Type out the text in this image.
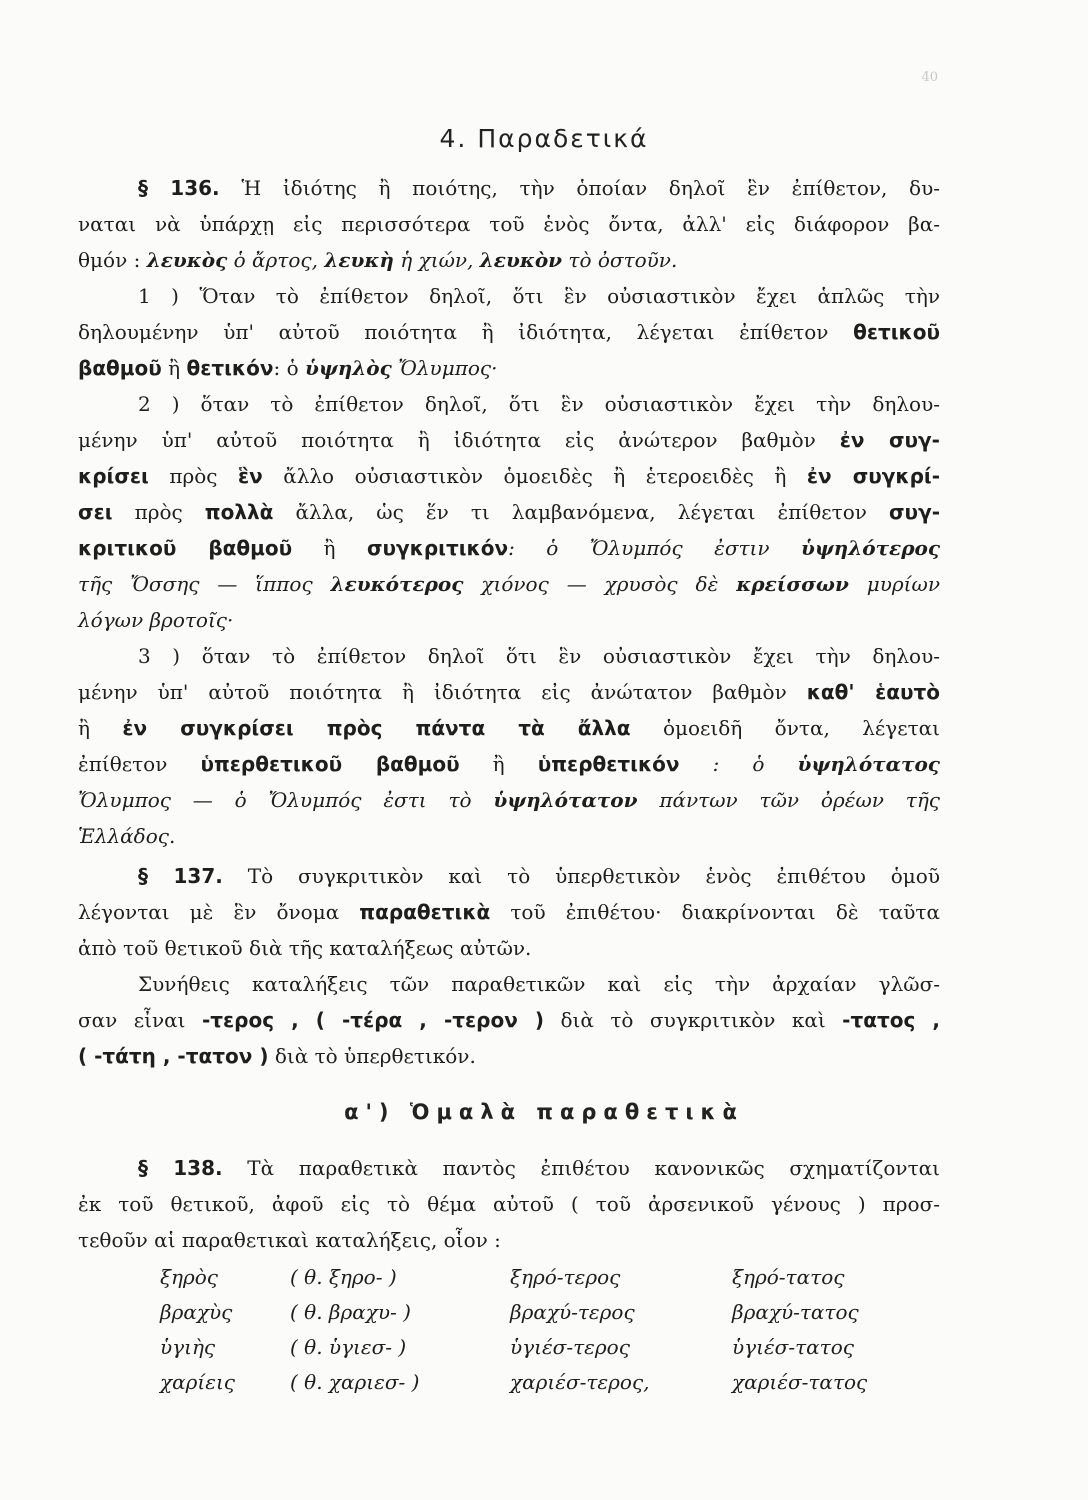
40
4. Παραδετικά
§ 136. Ἡ ἰδιότης ἢ ποιότης, τὴν ὁποίαν δηλοῖ ἓν ἐπίθετον, δυ-
ναται νὰ ὑπάρχῃ εἰς περισσότερα τοῦ ἑνὸς ὄντα, ἀλλ' εἰς διάφορον βα-
θμόν : λευκὸς ὁ ἄρτος, λευκὴ ἡ χιών, λευκὸν τὸ ὀστοῦν.
1 ) Ὅταν τὸ ἐπίθετον δηλοῖ, ὅτι ἓν οὐσιαστικὸν ἔχει ἁπλῶς τὴν
δηλουμένην ὑπ' αὐτοῦ ποιότητα ἢ ἰδιότητα, λέγεται ἐπίθετον θετικοῦ
βαθμοῦ ἢ θετικόν: ὁ ὑψηλὸς Ὄλυμπος·
2 ) ὅταν τὸ ἐπίθετον δηλοῖ, ὅτι ἓν οὐσιαστικὸν ἔχει τὴν δηλου-
μένην ὑπ' αὐτοῦ ποιότητα ἢ ἰδιότητα εἰς ἀνώτερον βαθμὸν ἐν συγ-
κρίσει πρὸς ἓν ἄλλο οὐσιαστικὸν ὁμοειδὲς ἢ ἑτεροειδὲς ἢ ἐν συγκρί-
σει πρὸς πολλὰ ἄλλα, ὡς ἕν τι λαμβανόμενα, λέγεται ἐπίθετον συγ-
κριτικοῦ βαθμοῦ ἢ συγκριτικόν: ὁ Ὄλυμπός ἐστιν ὑψηλότερος
τῆς Ὄσσης — ἵππος λευκότερος χιόνος — χρυσὸς δὲ κρείσσων μυρίων
λόγων βροτοῖς·
3 ) ὅταν τὸ ἐπίθετον δηλοῖ ὅτι ἓν οὐσιαστικὸν ἔχει τὴν δηλου-
μένην ὑπ' αὐτοῦ ποιότητα ἢ ἰδιότητα εἰς ἀνώτατον βαθμὸν καθ' ἑαυτὸ
ἢ ἐν συγκρίσει πρὸς πάντα τὰ ἄλλα ὁμοειδῆ ὄντα, λέγεται
ἐπίθετον ὑπερθετικοῦ βαθμοῦ ἢ ὑπερθετικόν : ὁ ὑψηλότατος
Ὄλυμπος — ὁ Ὄλυμπός ἐστι τὸ ὑψηλότατον πάντων τῶν ὀρέων τῆς
Ἑλλάδος.
§ 137. Τὸ συγκριτικὸν καὶ τὸ ὑπερθετικὸν ἑνὸς ἐπιθέτου ὁμοῦ
λέγονται μὲ ἓν ὄνομα παραθετικὰ τοῦ ἐπιθέτου· διακρίνονται δὲ ταῦτα
ἀπὸ τοῦ θετικοῦ διὰ τῆς καταλήξεως αὐτῶν.
Συνήθεις καταλήξεις τῶν παραθετικῶν καὶ εἰς τὴν ἀρχαίαν γλῶσ-
σαν εἶναι -τερος , ( -τέρα , -τερον ) διὰ τὸ συγκριτικὸν καὶ -τατος ,
( -τάτη , -τατον ) διὰ τὸ ὑπερθετικόν.
α') Ὁμαλὰ παραθετικὰ
§ 138. Τὰ παραθετικὰ παντὸς ἐπιθέτου κανονικῶς σχηματίζονται
ἐκ τοῦ θετικοῦ, ἀφοῦ εἰς τὸ θέμα αὐτοῦ ( τοῦ ἀρσενικοῦ γένους ) προσ-
τεθοῦν αἱ παραθετικαὶ καταλήξεις, οἷον :
ξηρὸς	( θ. ξηρο- )	ξηρό-τερος	ξηρό-τατος
βραχὺς	( θ. βραχυ- )	βραχύ-τερος	βραχύ-τατος
ὑγιὴς	( θ. ὑγιεσ- )	ὑγιέσ-τερος	ὑγιέσ-τατος
χαρίεις	( θ. χαριεσ- )	χαριέσ-τερος,	χαριέσ-τατος
